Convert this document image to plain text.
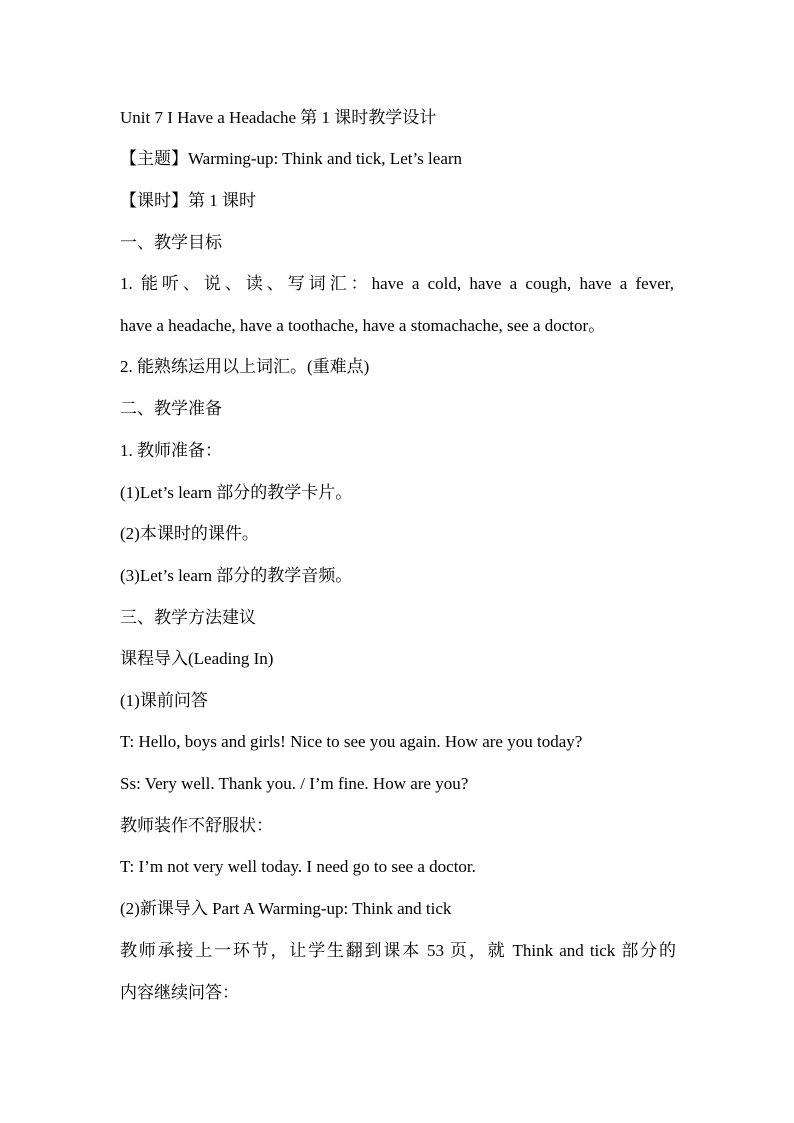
Unit 7 I Have a Headache 第 1 课时教学设计
【主题】Warming-up: Think and tick, Let’s learn
【课时】第 1 课时
一、教学目标
1. 能听、说、读、写词汇：have a cold, have a cough, have a fever,
have a headache, have a toothache, have a stomachache, see a doctor。
2. 能熟练运用以上词汇。(重难点)
二、教学准备
1. 教师准备：
(1)Let’s learn 部分的教学卡片。
(2)本课时的课件。
(3)Let’s learn 部分的教学音频。
三、教学方法建议
课程导入(Leading In)
(1)课前问答
T: Hello, boys and girls! Nice to see you again. How are you today?
Ss: Very well. Thank you. / I’m fine. How are you?
教师装作不舒服状：
T: I’m not very well today. I need go to see a doctor.
(2)新课导入 Part A Warming-up: Think and tick
教师承接上一环节，让学生翻到课本 53 页，就 Think and tick 部分的
内容继续问答：
